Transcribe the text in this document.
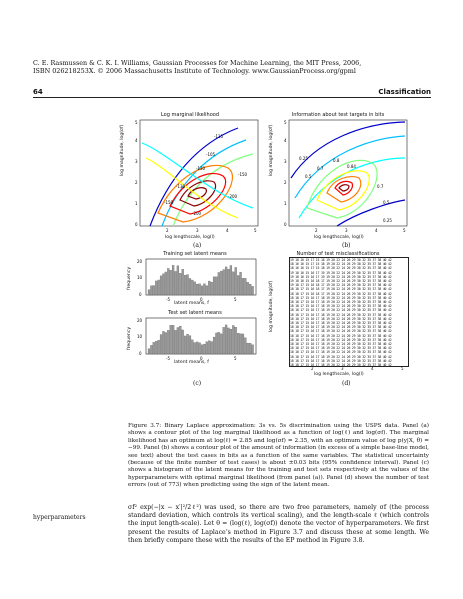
C. E. Rasmussen & C. K. I. Williams, Gaussian Processes for Machine Learning, the MIT Press, 2006,
ISBN 026218253X. © 2006 Massachusetts Institute of Technology. www.GaussianProcess.org/gpml
64	Classification
Log marginal likelihood
-115
-105
-130
-150
-200
-200
-130
-150
0
1
2
3
4
5
2	3	4	5
log magnitude, log(σf)
log lengthscale, log(l)
(a)
Information about test targets in bits
0.25
0.5
0.7
0.8
0.84
0.7
0.5
0.25
0
1
2
3
4
5
2	3	4	5
log magnitude, log(σf)
log lengthscale, log(l)
(b)
Training set latent means
0
10
20
-5	0	5
latent means, f
frequency
Test set latent means
0
10
20
-5	0	5
latent means, f
frequency
(c)
Number of test misclassifications
19 18 16 15 17 15 18 19 20 22 24 26 29 30 32 35 37 38 40 42
18 16 16 15 17 15 18 19 20 22 24 26 29 30 32 35 37 38 40 42
18 16 16 15 17 15 18 19 20 22 24 26 29 30 32 35 37 38 40 42
19 18 16 15 16 17 19 19 20 22 24 26 29 30 32 35 37 38 40 42
19 18 16 15 16 17 19 19 20 22 24 26 29 30 32 35 37 38 40 42
19 18 16 15 16 18 17 19 20 22 24 26 29 30 32 35 37 38 40 42
19 18 17 15 16 18 17 19 20 22 24 26 29 30 32 35 37 38 40 42
18 18 17 15 16 18 17 19 20 22 24 26 29 30 32 35 37 38 40 42
18 18 17 15 16 18 17 19 20 22 24 26 29 30 32 35 37 38 40 42
18 18 17 15 16 17 18 19 20 22 24 26 29 30 32 35 37 38 40 42
18 18 17 15 16 17 18 19 20 22 24 26 29 30 32 35 37 38 40 42
18 18 17 15 16 17 18 19 20 22 24 26 29 30 32 35 37 38 40 42
18 18 17 15 16 17 18 19 20 22 24 26 29 30 32 35 37 38 40 42
18 18 17 15 16 17 18 19 20 22 24 26 29 30 32 35 37 38 40 42
18 18 17 15 16 17 18 19 20 22 24 26 29 30 32 35 37 38 40 42
18 18 17 15 16 17 18 19 20 22 24 26 29 30 32 35 37 38 40 42
18 18 17 15 16 17 18 19 20 22 24 26 29 30 32 35 37 38 40 42
18 18 17 15 16 17 18 19 20 22 24 26 29 30 32 35 37 38 40 42
18 18 17 15 16 17 18 19 20 22 24 26 29 30 32 35 37 38 40 42
18 18 17 15 16 17 18 19 20 22 24 26 29 30 32 35 37 38 40 42
18 18 17 15 16 17 18 19 20 22 24 26 29 30 32 35 37 38 40 42
18 18 17 15 16 17 18 19 20 22 24 26 29 30 32 35 37 38 40 42
18 18 17 15 16 17 18 19 20 22 24 26 29 30 32 35 37 38 40 42
18 18 17 15 16 17 18 19 20 22 24 26 29 30 32 35 37 38 40 42
18 18 17 15 16 17 18 19 20 22 24 26 29 30 32 35 37 38 40 42
18 18 17 15 16 17 18 19 20 22 24 26 29 30 32 35 37 38 40 42

log magnitude, log(σf)
log lengthscale, log(l)
2	3	4	5
(d)
Figure 3.7: Binary Laplace approximation: 3s vs. 5s discrimination using the USPS data. Panel (a) shows a contour plot of the log marginal likelihood as a function of log(ℓ) and log(σf). The marginal likelihood has an optimum at log(ℓ) = 2.85 and log(σf) = 2.35, with an optimum value of log p(y|X, θ) = −99. Panel (b) shows a contour plot of the amount of information (in excess of a simple base-line model, see text) about the test cases in bits as a function of the same variables. The statistical uncertainty (because of the finite number of test cases) is about ±0.03 bits (95% confidence interval). Panel (c) shows a histogram of the latent means for the training and test sets respectively at the values of the hyperparameters with optimal marginal likelihood (from panel (a)). Panel (d) shows the number of test errors (out of 773) when predicting using the sign of the latent mean.
hyperparameters
σf² exp(−|x − x′|²/2ℓ²) was used, so there are two free parameters, namely σf (the process standard deviation, which controls its vertical scaling), and the length-scale ℓ (which controls the input length-scale). Let θ = (log(ℓ), log(σf)) denote the vector of hyperparameters. We first present the results of Laplace’s method in Figure 3.7 and discuss these at some length. We then briefly compare these with the results of the EP method in Figure 3.8.
